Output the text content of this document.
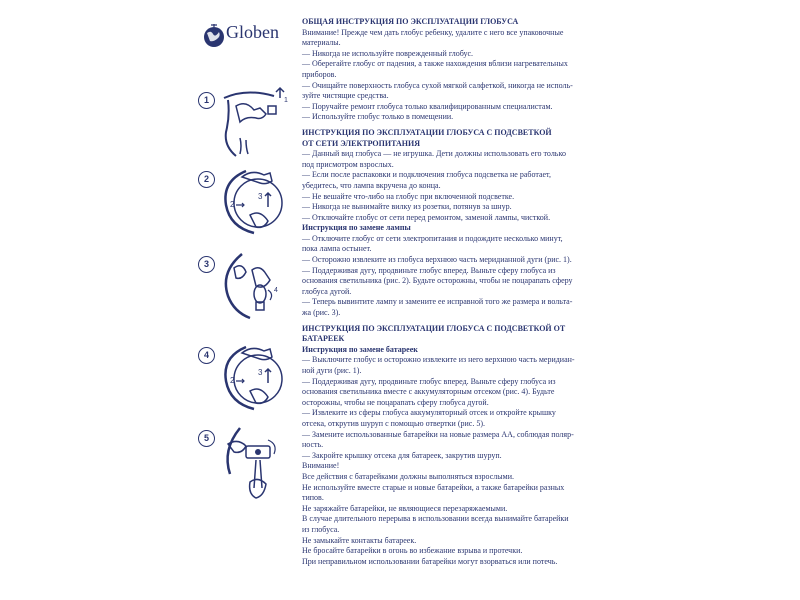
Globen
1	1
2
2
3
3
4
4
2
3
5

ОБЩАЯ ИНСТРУКЦИЯ ПО ЭКСПЛУАТАЦИИ ГЛОБУСА

Внимание! Прежде чем дать глобус ребенку, удалите с него все упаковочные

материалы.

— Никогда не используйте поврежденный глобус.

— Оберегайте глобус от падения, а также нахождения вблизи нагревательных

приборов.

— Очищайте поверхность глобуса сухой мягкой салфеткой, никогда не исполь-

зуйте чистящие средства.

— Поручайте ремонт глобуса только квалифицированным специалистам.

— Используйте глобус только в помещении.

ИНСТРУКЦИЯ ПО ЭКСПЛУАТАЦИИ ГЛОБУСА С ПОДСВЕТКОЙ

ОТ СЕТИ ЭЛЕКТРОПИТАНИЯ

— Данный вид глобуса — не игрушка. Дети должны использовать его только

под присмотром взрослых.

— Если после распаковки и подключения глобуса подсветка не работает,

убедитесь, что лампа вкручена до конца.

— Не вешайте что-либо на глобус при включенной подсветке.

— Никогда не вынимайте вилку из розетки, потянув за шнур.

— Отключайте глобус от сети перед ремонтом, заменой лампы, чисткой.

Инструкция по замене лампы

— Отключите глобус от сети электропитания и подождите несколько минут,

пока лампа остынет.

— Осторожно извлеките из глобуса верхнюю часть меридианной дуги (рис. 1).

— Поддерживая дугу, продвиньте глобус вперед. Выньте сферу глобуса из

основания светильника (рис. 2). Будьте осторожны, чтобы не поцарапать сферу

глобуса дугой.

— Теперь вывинтите лампу и замените ее исправной того же размера и вольта-

жа (рис. 3).

ИНСТРУКЦИЯ ПО ЭКСПЛУАТАЦИИ ГЛОБУСА С ПОДСВЕТКОЙ ОТ

БАТАРЕЕК

Инструкция по замене батареек

— Выключите глобус и осторожно извлеките из него верхнюю часть меридиан-

ной дуги (рис. 1).

— Поддерживая дугу, продвиньте глобус вперед. Выньте сферу глобуса из

основания светильника вместе с аккумуляторным отсеком (рис. 4). Будьте

осторожны, чтобы не поцарапать сферу глобуса дугой.

— Извлеките из сферы глобуса аккумуляторный отсек и откройте крышку

отсека, открутив шуруп с помощью отвертки (рис. 5).

— Замените использованные батарейки на новые размера АА, соблюдая поляр-

ность.

— Закройте крышку отсека для батареек, закрутив шуруп.

Внимание!

Все действия с батарейками должны выполняться взрослыми.

Не используйте вместе старые и новые батарейки, а также батарейки разных

типов.

Не заряжайте батарейки, не являющиеся перезаряжаемыми.

В случае длительного перерыва в использовании всегда вынимайте батарейки

из глобуса.

Не замыкайте контакты батареек.

Не бросайте батарейки в огонь во избежание взрыва и протечки.

При неправильном использовании батарейки могут взорваться или потечь.
